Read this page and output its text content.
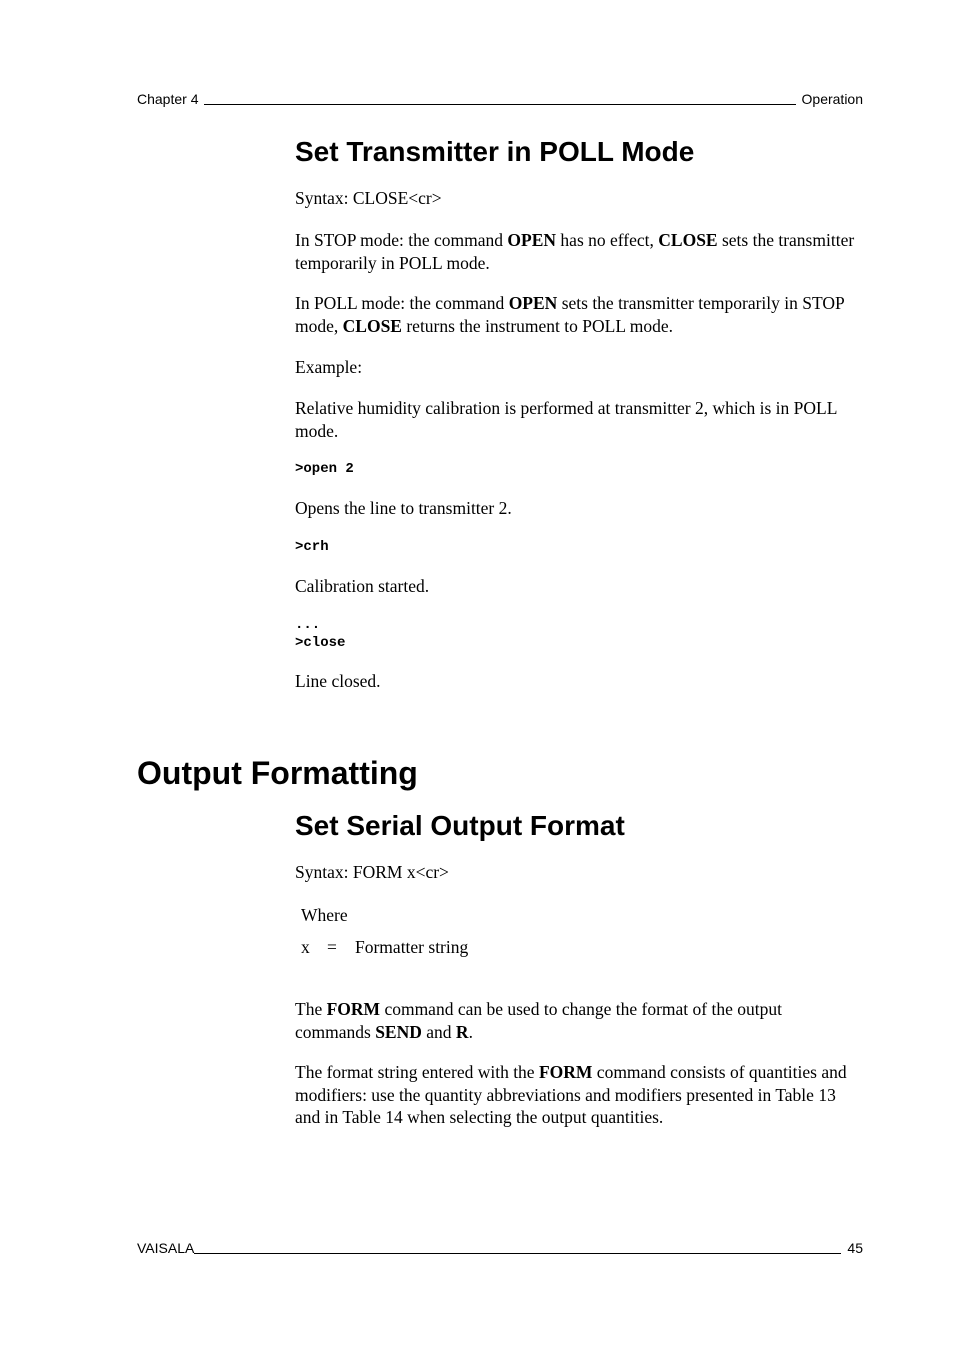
Chapter 4	Operation
Set Transmitter in POLL Mode

Syntax: CLOSE<cr>

In STOP mode: the command OPEN has no effect, CLOSE sets the transmitter temporarily in POLL mode.

In POLL mode: the command OPEN sets the transmitter temporarily in STOP mode, CLOSE returns the instrument to POLL mode.

Example:

Relative humidity calibration is performed at transmitter 2, which is in POLL mode.

>open 2

Opens the line to transmitter 2.

>crh

Calibration started.

...
>close

Line closed.

Output Formatting
Set Serial Output Format

Syntax: FORM x<cr>

Where
x =	Formatter string

The FORM command can be used to change the format of the output commands SEND and R.

The format string entered with the FORM command consists of quantities and modifiers: use the quantity abbreviations and modifiers presented in Table 13 and in Table 14 when selecting the output quantities.

VAISALA	45
